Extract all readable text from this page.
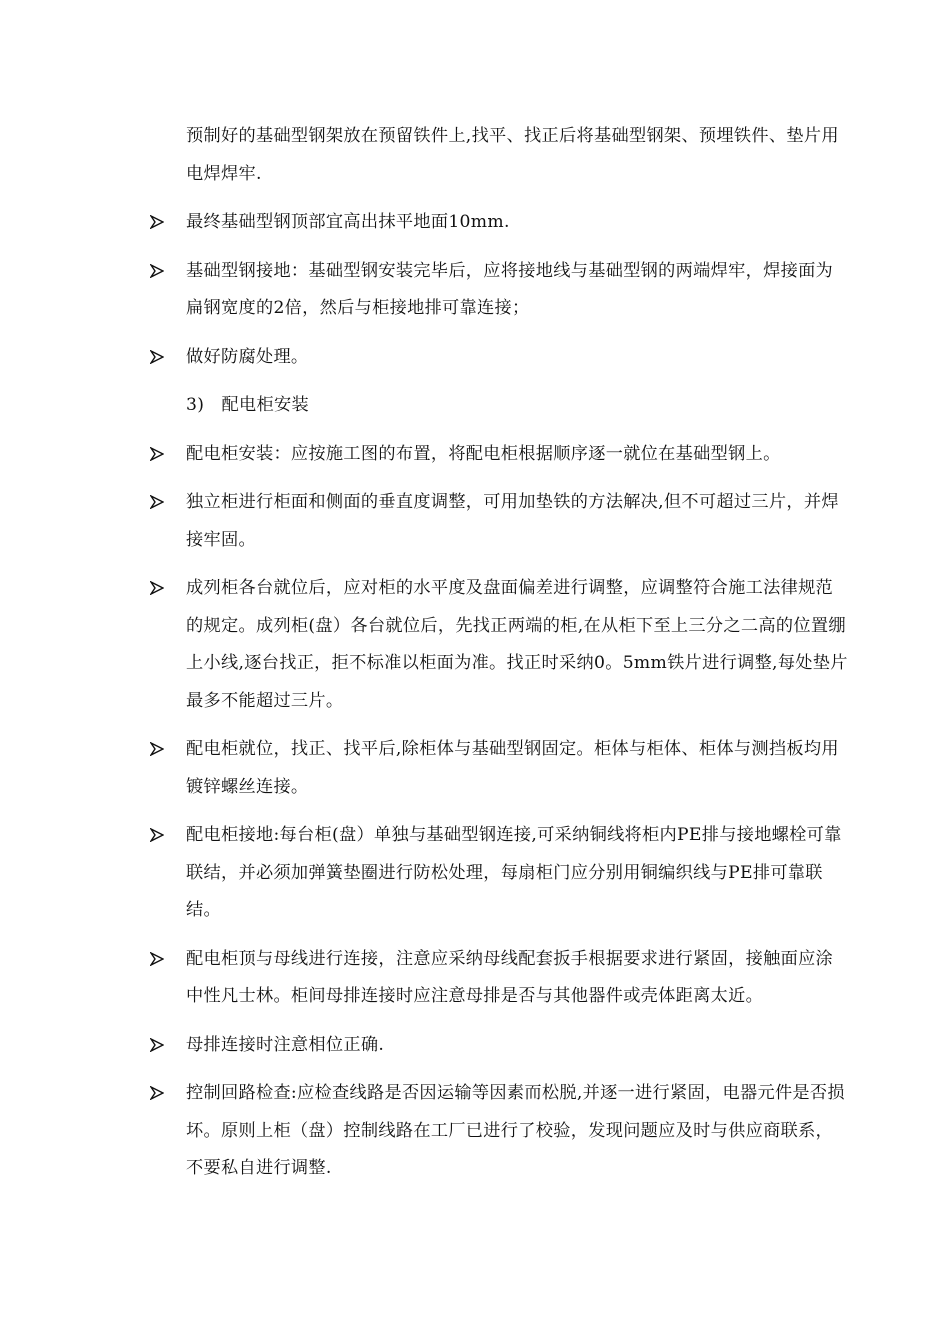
预制好的基础型钢架放在预留铁件上,找平、找正后将基础型钢架、预埋铁件、垫片用电焊焊牢.

最终基础型钢顶部宜高出抹平地面10mm.

基础型钢接地：基础型钢安装完毕后，应将接地线与基础型钢的两端焊牢，焊接面为扁钢宽度的2倍，然后与柜接地排可靠连接；

做好防腐处理。

3)   配电柜安装

配电柜安装：应按施工图的布置，将配电柜根据顺序逐一就位在基础型钢上。

独立柜进行柜面和侧面的垂直度调整，可用加垫铁的方法解决,但不可超过三片，并焊接牢固。

成列柜各台就位后，应对柜的水平度及盘面偏差进行调整，应调整符合施工法律规范的规定。成列柜(盘）各台就位后，先找正两端的柜,在从柜下至上三分之二高的位置绷上小线,逐台找正，拒不标准以柜面为准。找正时采纳0。5mm铁片进行调整,每处垫片最多不能超过三片。

配电柜就位，找正、找平后,除柜体与基础型钢固定。柜体与柜体、柜体与测挡板均用镀锌螺丝连接。

配电柜接地:每台柜(盘）单独与基础型钢连接,可采纳铜线将柜内PE排与接地螺栓可靠联结，并必须加弹簧垫圈进行防松处理，每扇柜门应分别用铜编织线与PE排可靠联结。

配电柜顶与母线进行连接，注意应采纳母线配套扳手根据要求进行紧固，接触面应涂中性凡士林。柜间母排连接时应注意母排是否与其他器件或壳体距离太近。

母排连接时注意相位正确.

控制回路检查:应检查线路是否因运输等因素而松脱,并逐一进行紧固，电器元件是否损坏。原则上柜（盘）控制线路在工厂已进行了校验，发现问题应及时与供应商联系，不要私自进行调整.
